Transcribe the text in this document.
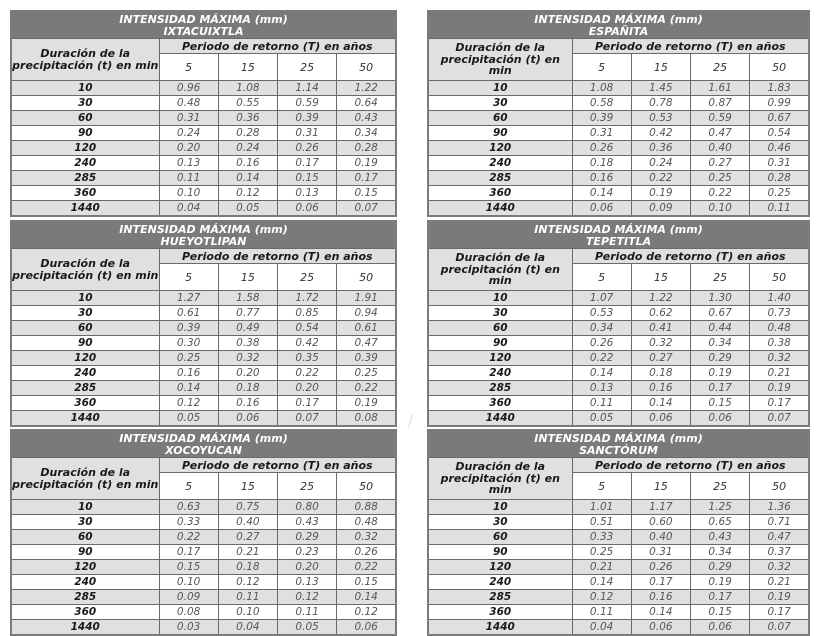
INTENSIDAD MÁXIMA (mm)
IXTACUIXTLA				

Duración de la precipitación (t) en min	Periodo de retorno (T) en años			
	5	15	25	50
10	0.96	1.08	1.14	1.22
30	0.48	0.55	0.59	0.64
60	0.31	0.36	0.39	0.43
90	0.24	0.28	0.31	0.34
120	0.20	0.24	0.26	0.28
240	0.13	0.16	0.17	0.19
285	0.11	0.14	0.15	0.17
360	0.10	0.12	0.13	0.15
1440	0.04	0.05	0.06	0.07
INTENSIDAD MÁXIMA (mm)
ESPAÑITA				

Duración de la precipitación (t) en min	Periodo de retorno (T) en años			
	5	15	25	50
10	1.08	1.45	1.61	1.83
30	0.58	0.78	0.87	0.99
60	0.39	0.53	0.59	0.67
90	0.31	0.42	0.47	0.54
120	0.26	0.36	0.40	0.46
240	0.18	0.24	0.27	0.31
285	0.16	0.22	0.25	0.28
360	0.14	0.19	0.22	0.25
1440	0.06	0.09	0.10	0.11
INTENSIDAD MÁXIMA (mm)
HUEYOTLIPAN				

Duración de la precipitación (t) en min	Periodo de retorno (T) en años			
	5	15	25	50
10	1.27	1.58	1.72	1.91
30	0.61	0.77	0.85	0.94
60	0.39	0.49	0.54	0.61
90	0.30	0.38	0.42	0.47
120	0.25	0.32	0.35	0.39
240	0.16	0.20	0.22	0.25
285	0.14	0.18	0.20	0.22
360	0.12	0.16	0.17	0.19
1440	0.05	0.06	0.07	0.08
INTENSIDAD MÁXIMA (mm)
TEPETITLA				

Duración de la precipitación (t) en min	Periodo de retorno (T) en años			
	5	15	25	50
10	1.07	1.22	1.30	1.40
30	0.53	0.62	0.67	0.73
60	0.34	0.41	0.44	0.48
90	0.26	0.32	0.34	0.38
120	0.22	0.27	0.29	0.32
240	0.14	0.18	0.19	0.21
285	0.13	0.16	0.17	0.19
360	0.11	0.14	0.15	0.17
1440	0.05	0.06	0.06	0.07
INTENSIDAD MÁXIMA (mm)
XOCOYUCAN				

Duración de la precipitación (t) en min	Periodo de retorno (T) en años			
	5	15	25	50
10	0.63	0.75	0.80	0.88
30	0.33	0.40	0.43	0.48
60	0.22	0.27	0.29	0.32
90	0.17	0.21	0.23	0.26
120	0.15	0.18	0.20	0.22
240	0.10	0.12	0.13	0.15
285	0.09	0.11	0.12	0.14
360	0.08	0.10	0.11	0.12
1440	0.03	0.04	0.05	0.06
INTENSIDAD MÁXIMA (mm)
SANCTÓRUM				

Duración de la precipitación (t) en min	Periodo de retorno (T) en años			
	5	15	25	50
10	1.01	1.17	1.25	1.36
30	0.51	0.60	0.65	0.71
60	0.33	0.40	0.43	0.47
90	0.25	0.31	0.34	0.37
120	0.21	0.26	0.29	0.32
240	0.14	0.17	0.19	0.21
285	0.12	0.16	0.17	0.19
360	0.11	0.14	0.15	0.17
1440	0.04	0.06	0.06	0.07
